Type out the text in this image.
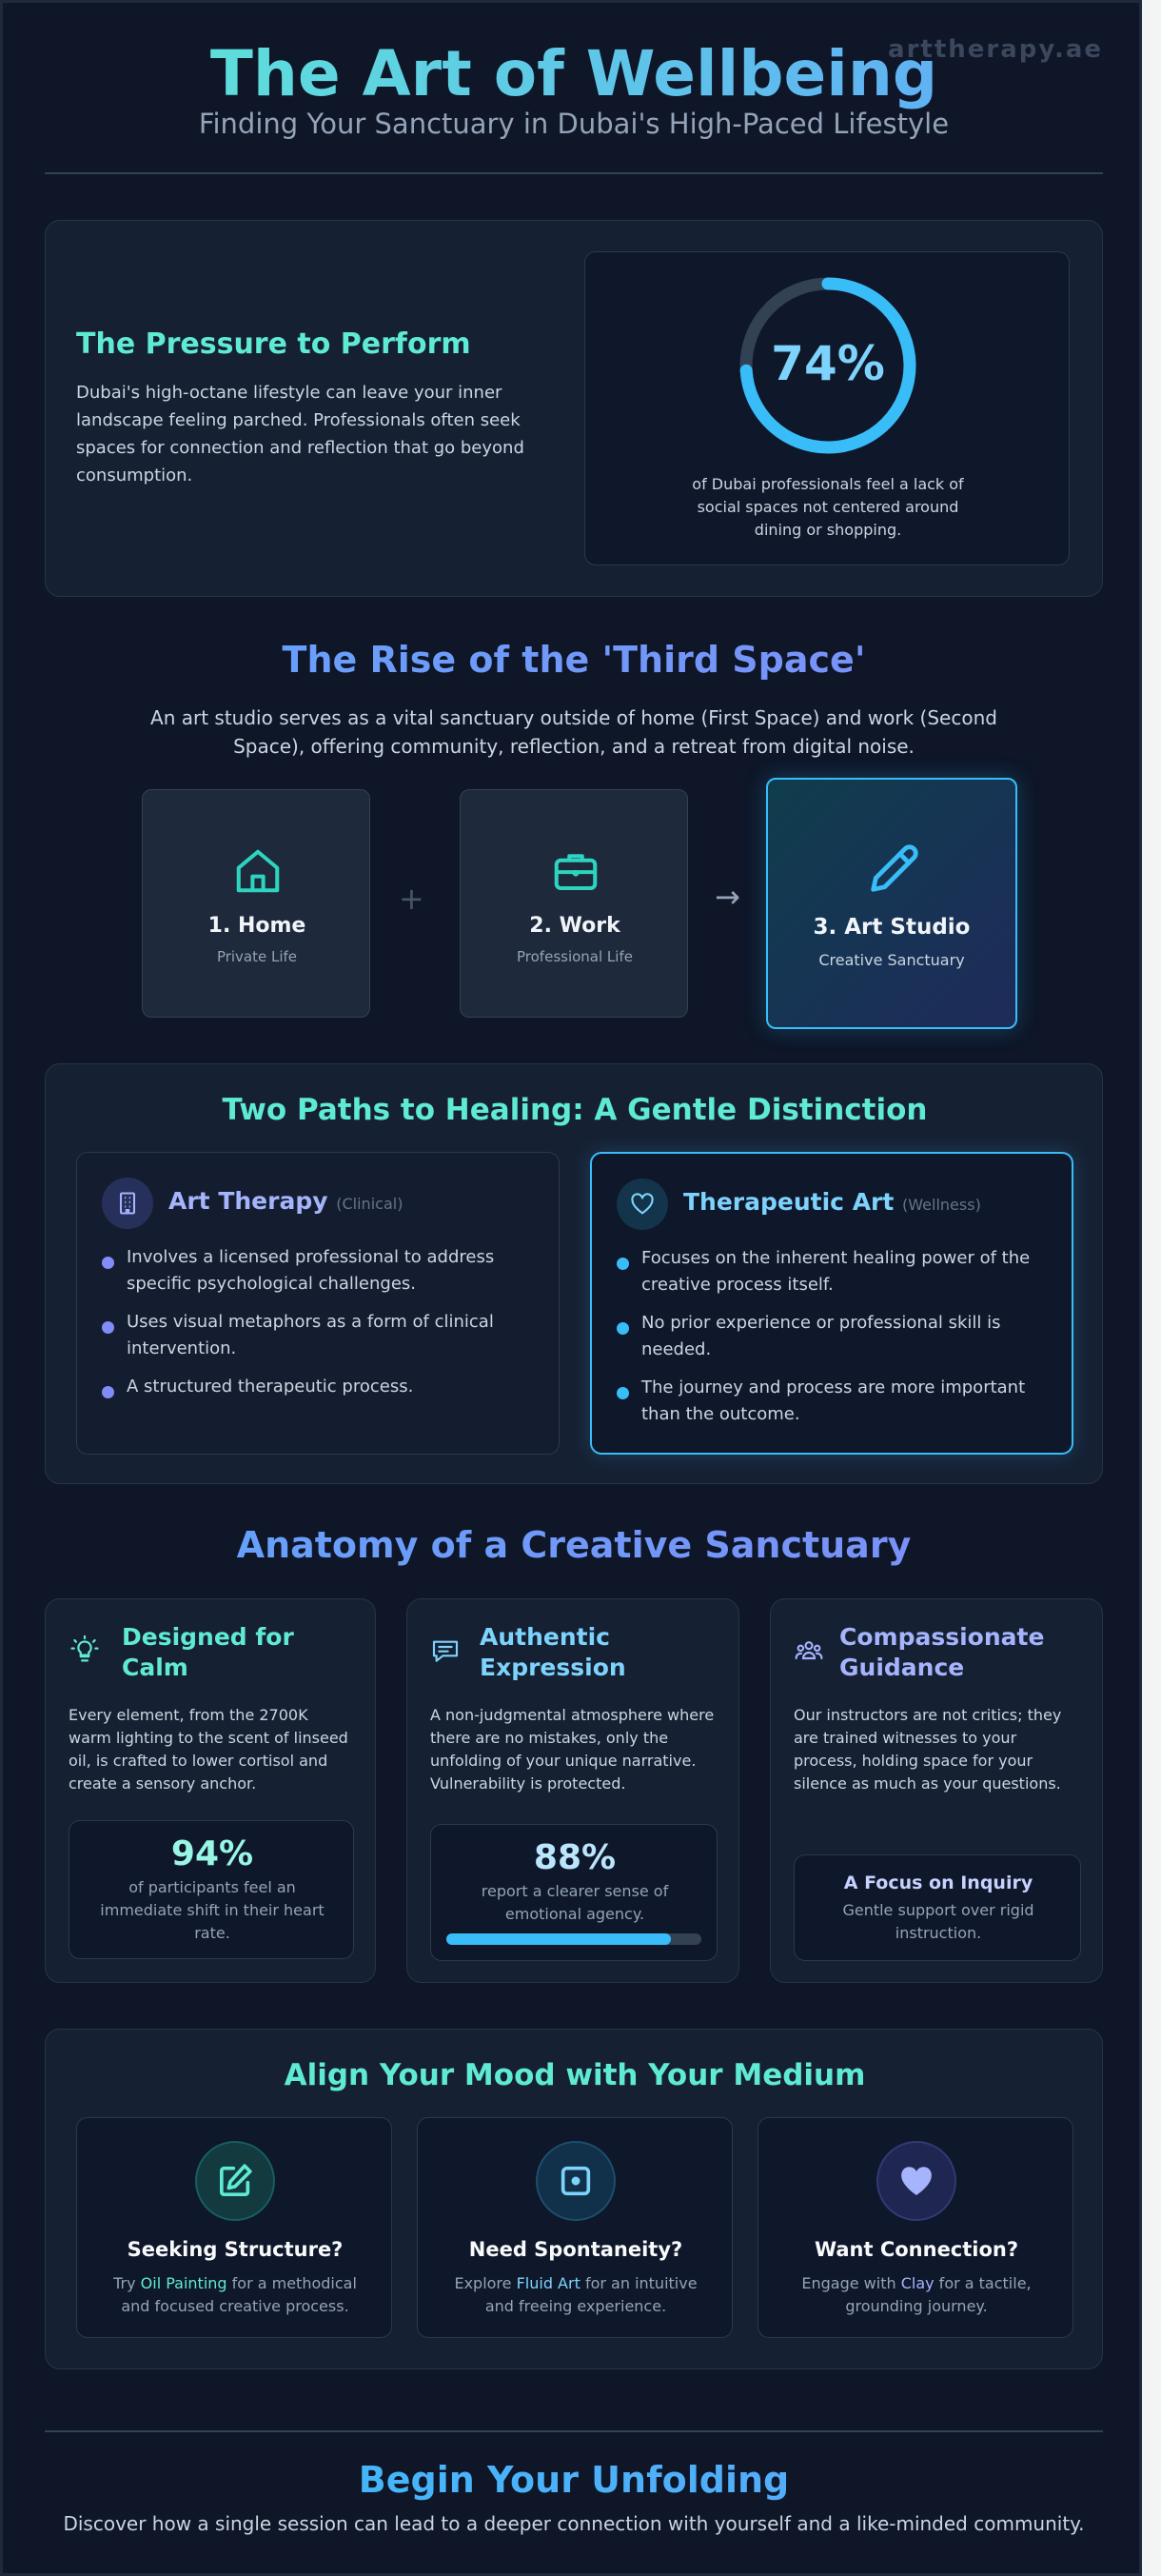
The Art of Wellbeing
Finding Your Sanctuary in Dubai's High-Paced Lifestyle
The Pressure to Perform
Dubai's high-octane lifestyle can leave your inner landscape feeling parched. Professionals often seek spaces for connection and reflection that go beyond consumption.
74%
of Dubai professionals feel a lack of social spaces not centered around dining or shopping.
The Rise of the 'Third Space'
An art studio serves as a vital sanctuary outside of home (First Space) and work (Second Space), offering community, reflection, and a retreat from digital noise.
1. Home
Private Life
+
2. Work
Professional Life
→
3. Art Studio
Creative Sanctuary
Two Paths to Healing: A Gentle Distinction
Art Therapy (Clinical)
Involves a licensed professional to address specific psychological challenges.
Uses visual metaphors as a form of clinical intervention.
A structured therapeutic process.
Therapeutic Art (Wellness)
Focuses on the inherent healing power of the creative process itself.
No prior experience or professional skill is needed.
The journey and process are more important than the outcome.
Anatomy of a Creative Sanctuary
Designed for Calm
Every element, from the 2700K warm lighting to the scent of linseed oil, is crafted to lower cortisol and create a sensory anchor.
94%
of participants feel an immediate shift in their heart rate.
Authentic Expression
A non-judgmental atmosphere where there are no mistakes, only the unfolding of your unique narrative. Vulnerability is protected.
88%
report a clearer sense of emotional agency.
Compassionate Guidance
Our instructors are not critics; they are trained witnesses to your process, holding space for your silence as much as your questions.
A Focus on Inquiry
Gentle support over rigid instruction.
Align Your Mood with Your Medium
Seeking Structure?
Try Oil Painting for a methodical and focused creative process.
Need Spontaneity?
Explore Fluid Art for an intuitive and freeing experience.
Want Connection?
Engage with Clay for a tactile, grounding journey.
Begin Your Unfolding
Discover how a single session can lead to a deeper connection with yourself and a like-minded community.
